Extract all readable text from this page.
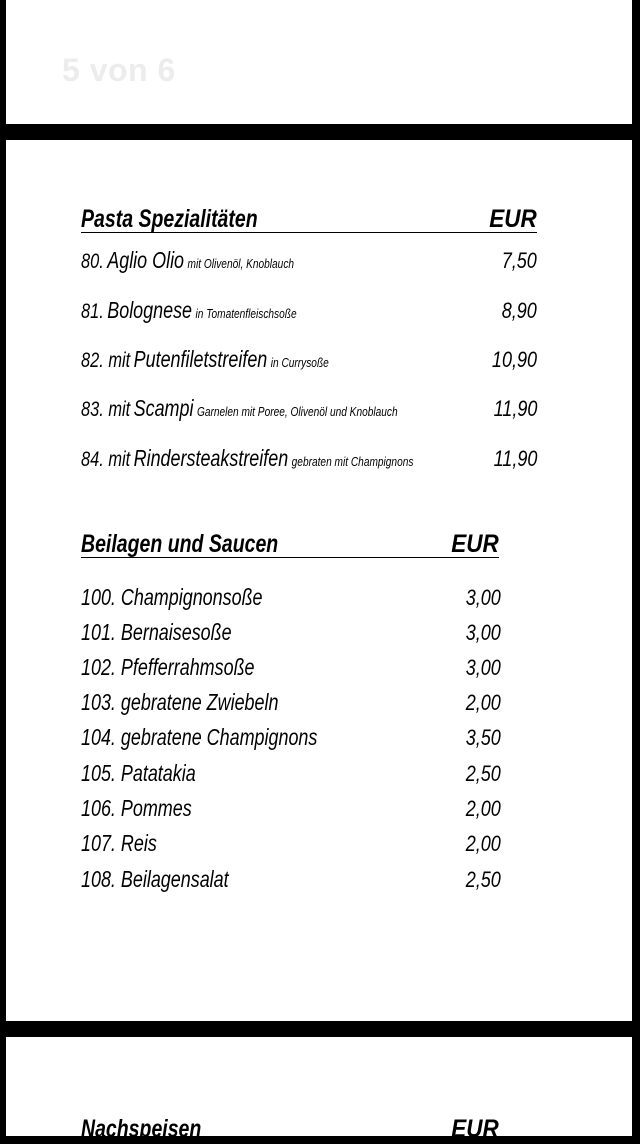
5 von 6
Pasta Spezialitäten	EUR
80. Aglio Olio mit Olivenöl, Knoblauch	7,50
81. Bolognese in Tomatenfleischsoße	8,90
82. mit Putenfiletstreifen in Currysoße	10,90
83. mit Scampi Garnelen mit Poree, Olivenöl und Knoblauch	11,90
84. mit Rindersteakstreifen gebraten mit Champignons	11,90
Beilagen und Saucen	EUR
100. Champignonsoße	3,00
101. Bernaisesoße	3,00
102. Pfefferrahmsoße	3,00
103. gebratene Zwiebeln	2,00
104. gebratene Champignons	3,50
105. Patatakia	2,50
106. Pommes	2,00
107. Reis	2,00
108. Beilagensalat	2,50
Nachspeisen	EUR
